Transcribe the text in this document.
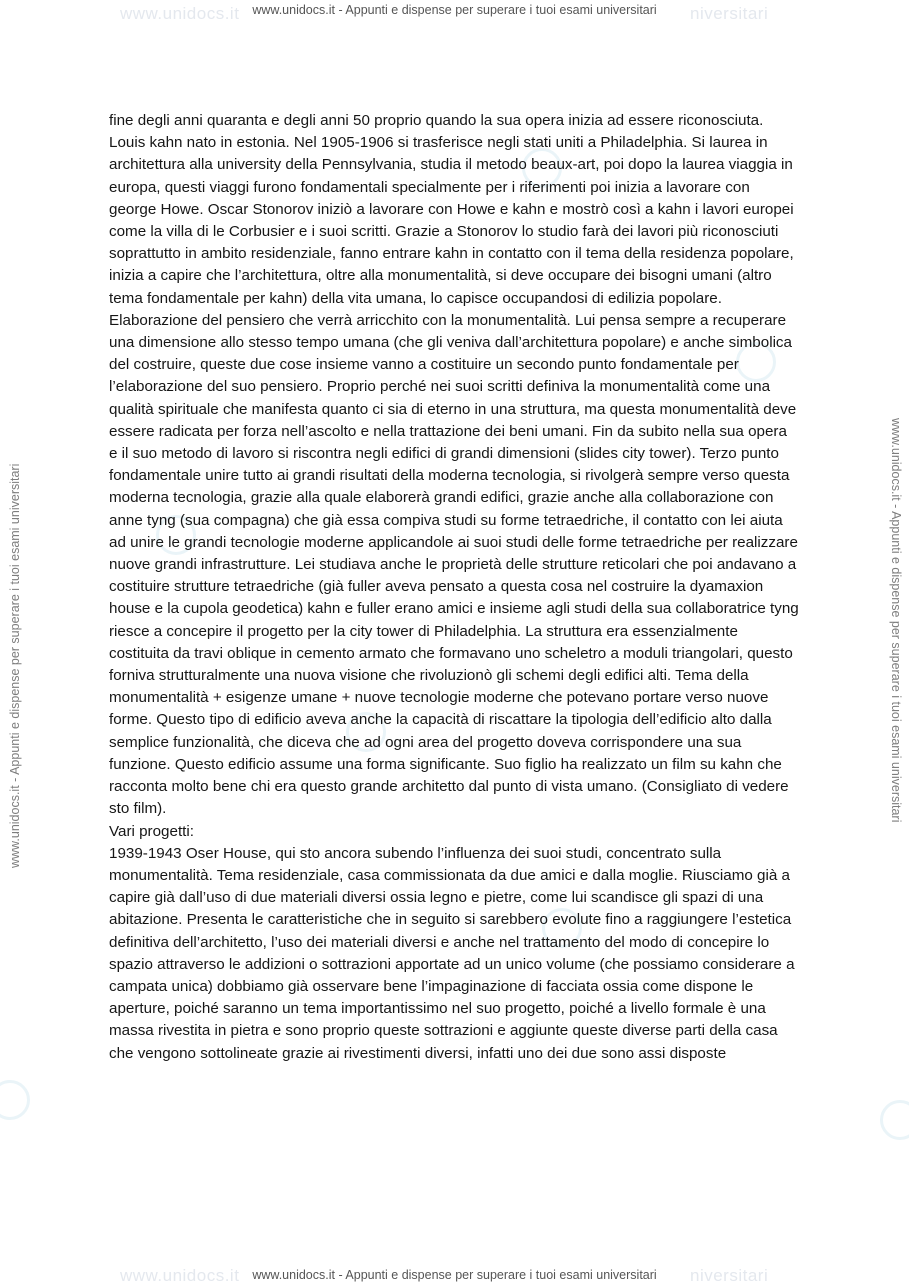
www.unidocs.it	niversitari
www.unidocs.it	niversitari
www.unidocs.it - Appunti e dispense per superare i tuoi esami universitari
www.unidocs.it - Appunti e dispense per superare i tuoi esami universitari	www.unidocs.it - Appunti e dispense per superare i tuoi esami universitari

fine degli anni quaranta e degli anni 50 proprio quando la sua opera inizia ad essere riconosciuta.

Louis kahn nato in estonia. Nel 1905-1906 si trasferisce negli stati uniti a Philadelphia. Si laurea in architettura alla university della Pennsylvania, studia il metodo beaux-art, poi dopo la laurea viaggia in europa, questi viaggi furono fondamentali specialmente per i riferimenti poi inizia a lavorare con george Howe. Oscar Stonorov iniziò a lavorare con Howe e kahn e mostrò così a kahn i lavori europei come la villa di le Corbusier e i suoi scritti. Grazie a Stonorov lo studio farà dei lavori più riconosciuti soprattutto in ambito residenziale, fanno entrare kahn in contatto con il tema della residenza popolare, inizia a capire che l’architettura, oltre alla monumentalità, si deve occupare dei bisogni umani (altro tema fondamentale per kahn) della vita umana, lo capisce occupandosi di edilizia popolare. Elaborazione del pensiero che verrà arricchito con la monumentalità. Lui pensa sempre a recuperare una dimensione allo stesso tempo umana (che gli veniva dall’architettura popolare) e anche simbolica del costruire, queste due cose insieme vanno a costituire un secondo punto fondamentale per l’elaborazione del suo pensiero. Proprio perché nei suoi scritti definiva la monumentalità come una qualità spirituale che manifesta quanto ci sia di eterno in una struttura, ma questa monumentalità deve essere radicata per forza nell’ascolto e nella trattazione dei beni umani. Fin da subito nella sua opera e il suo metodo di lavoro si riscontra negli edifici di grandi dimensioni (slides city tower). Terzo punto fondamentale unire tutto ai grandi risultati della moderna tecnologia, si rivolgerà sempre verso questa moderna tecnologia, grazie alla quale elaborerà grandi edifici, grazie anche alla collaborazione con anne tyng (sua compagna) che già essa compiva studi su forme tetraedriche, il contatto con lei aiuta ad unire le grandi tecnologie moderne applicandole ai suoi studi delle forme tetraedriche per realizzare nuove grandi infrastrutture. Lei studiava anche le proprietà delle strutture reticolari che poi andavano a costituire strutture tetraedriche (già fuller aveva pensato a questa cosa nel costruire la dyamaxion house e la cupola geodetica) kahn e fuller erano amici e insieme agli studi della sua collaboratrice tyng riesce a concepire il progetto per la city tower di Philadelphia. La struttura era essenzialmente costituita da travi oblique in cemento armato che formavano uno scheletro a moduli triangolari, questo forniva strutturalmente una nuova visione che rivoluzionò gli schemi degli edifici alti. Tema della monumentalità + esigenze umane + nuove tecnologie moderne che potevano portare verso nuove forme. Questo tipo di edificio aveva anche la capacità di riscattare la tipologia dell’edificio alto dalla semplice funzionalità, che diceva che ad ogni area del progetto doveva corrispondere una sua funzione. Questo edificio assume una forma significante. Suo figlio ha realizzato un film su kahn che racconta molto bene chi era questo grande architetto dal punto di vista umano. (Consigliato di vedere sto film).

Vari progetti:

1939-1943 Oser House, qui sto ancora subendo l’influenza dei suoi studi, concentrato sulla monumentalità. Tema residenziale, casa commissionata da due amici e dalla moglie. Riusciamo già a capire già dall’uso di due materiali diversi ossia legno e pietre, come lui scandisce gli spazi di una abitazione. Presenta le caratteristiche che in seguito si sarebbero evolute fino a raggiungere l’estetica definitiva dell’architetto, l’uso dei materiali diversi e anche nel trattamento del modo di concepire lo spazio attraverso le addizioni o sottrazioni apportate ad un unico volume (che possiamo considerare a campata unica) dobbiamo già osservare bene l’impaginazione di facciata ossia come dispone le aperture, poiché saranno un tema importantissimo nel suo progetto, poiché a livello formale è una massa rivestita in pietra e sono proprio queste sottrazioni e aggiunte queste diverse parti della casa che vengono sottolineate grazie ai rivestimenti diversi, infatti uno dei due sono assi disposte

www.unidocs.it - Appunti e dispense per superare i tuoi esami universitari
